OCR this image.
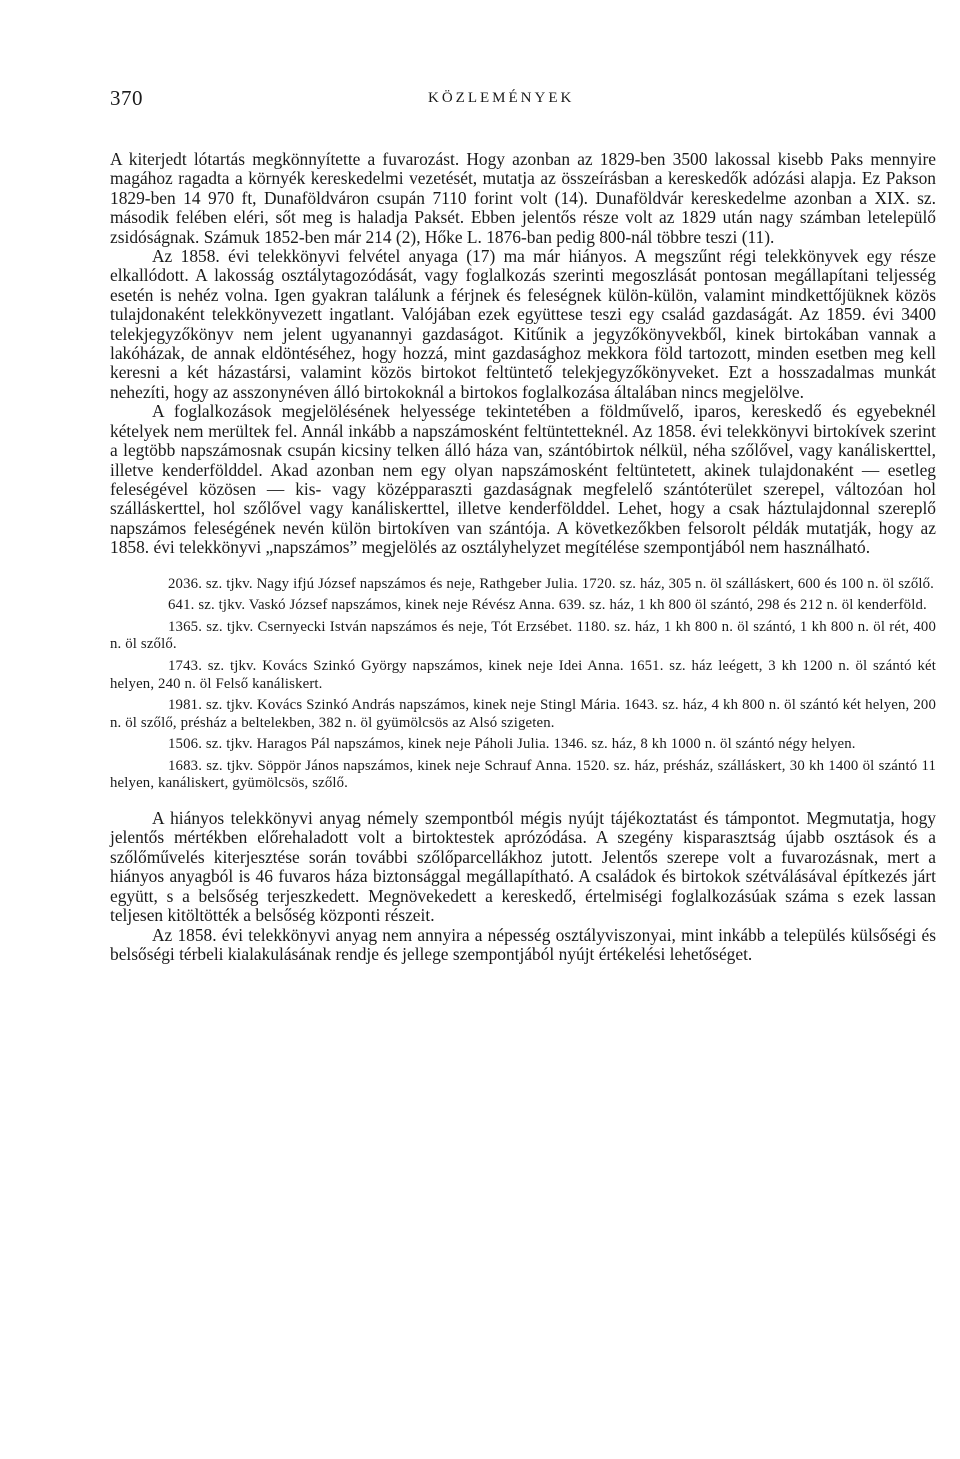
370	KÖZLEMÉNYEK

A kiterjedt lótartás megkönnyítette a fuvarozást. Hogy azonban az 1829-ben 3500 lakossal kisebb Paks mennyire magához ragadta a környék kereskedelmi vezetését, mutatja az összeírásban a kereskedők adózási alapja. Ez Pakson 1829-ben 14 970 ft, Dunaföldváron csupán 7110 forint volt (14). Dunaföldvár kereskedelme azonban a XIX. sz. második felében eléri, sőt meg is haladja Paksét. Ebben jelentős része volt az 1829 után nagy számban letelepülő zsidóságnak. Számuk 1852-ben már 214 (2), Hőke L. 1876-ban pedig 800-nál többre teszi (11).

Az 1858. évi telekkönyvi felvétel anyaga (17) ma már hiányos. A megszűnt régi telekkönyvek egy része elkallódott. A lakosság osztálytagozódását, vagy foglalkozás szerinti megoszlását pontosan megállapítani teljesség esetén is nehéz volna. Igen gyakran találunk a férjnek és feleségnek külön-külön, valamint mindkettőjüknek közös tulajdonaként telekkönyvezett ingatlant. Valójában ezek együttese teszi egy család gazdaságát. Az 1859. évi 3400 telekjegyzőkönyv nem jelent ugyanannyi gazdaságot. Kitűnik a jegyzőkönyvekből, kinek birtokában vannak a lakóházak, de annak eldöntéséhez, hogy hozzá, mint gazdasághoz mekkora föld tartozott, minden esetben meg kell keresni a két házastársi, valamint közös birtokot feltüntető telekjegyzőkönyveket. Ezt a hosszadalmas munkát nehezíti, hogy az asszonynéven álló birtokoknál a birtokos foglalkozása általában nincs megjelölve.

A foglalkozások megjelölésének helyessége tekintetében a földművelő, iparos, kereskedő és egyebeknél kételyek nem merültek fel. Annál inkább a napszámosként feltüntetteknél. Az 1858. évi telekkönyvi birtokívek szerint a legtöbb napszámosnak csupán kicsiny telken álló háza van, szántóbirtok nélkül, néha szőlővel, vagy kanáliskerttel, illetve kenderfölddel. Akad azonban nem egy olyan napszámosként feltüntetett, akinek tulajdonaként — esetleg feleségével közösen — kis- vagy középparaszti gazdaságnak megfelelő szántóterület szerepel, változóan hol szálláskerttel, hol szőlővel vagy kanáliskerttel, illetve kenderfölddel. Lehet, hogy a csak háztulajdonnal szereplő napszámos feleségének nevén külön birtokíven van szántója. A következőkben felsorolt példák mutatják, hogy az 1858. évi telekkönyvi „napszámos” megjelölés az osztályhelyzet megítélése szempontjából nem használható.

2036. sz. tjkv. Nagy ifjú József napszámos és neje, Rathgeber Julia. 1720. sz. ház, 305 n. öl szálláskert, 600 és 100 n. öl szőlő.

641. sz. tjkv. Vaskó József napszámos, kinek neje Révész Anna. 639. sz. ház, 1 kh 800 öl szántó, 298 és 212 n. öl kenderföld.

1365. sz. tjkv. Csernyecki István napszámos és neje, Tót Erzsébet. 1180. sz. ház, 1 kh 800 n. öl szántó, 1 kh 800 n. öl rét, 400 n. öl szőlő.

1743. sz. tjkv. Kovács Szinkó György napszámos, kinek neje Idei Anna. 1651. sz. ház leégett, 3 kh 1200 n. öl szántó két helyen, 240 n. öl Felső kanáliskert.

1981. sz. tjkv. Kovács Szinkó András napszámos, kinek neje Stingl Mária. 1643. sz. ház, 4 kh 800 n. öl szántó két helyen, 200 n. öl szőlő, présház a beltelekben, 382 n. öl gyümölcsös az Alsó szigeten.

1506. sz. tjkv. Haragos Pál napszámos, kinek neje Páholi Julia. 1346. sz. ház, 8 kh 1000 n. öl szántó négy helyen.

1683. sz. tjkv. Söppör János napszámos, kinek neje Schrauf Anna. 1520. sz. ház, présház, szálláskert, 30 kh 1400 öl szántó 11 helyen, kanáliskert, gyümölcsös, szőlő.

A hiányos telekkönyvi anyag némely szempontból mégis nyújt tájékoztatást és támpontot. Megmutatja, hogy jelentős mértékben előrehaladott volt a birtoktestek aprózódása. A szegény kisparasztság újabb osztások és a szőlőművelés kiterjesztése során további szőlőparcellákhoz jutott. Jelentős szerepe volt a fuvarozásnak, mert a hiányos anyagból is 46 fuvaros háza biztonsággal megállapítható. A családok és birtokok szétválásával építkezés járt együtt, s a belsőség terjeszkedett. Megnövekedett a kereskedő, értelmiségi foglalkozásúak száma s ezek lassan teljesen kitöltötték a belsőség központi részeit.

Az 1858. évi telekkönyvi anyag nem annyira a népesség osztályviszonyai, mint inkább a település külsőségi és belsőségi térbeli kialakulásának rendje és jellege szempontjából nyújt értékelési lehetőséget.
